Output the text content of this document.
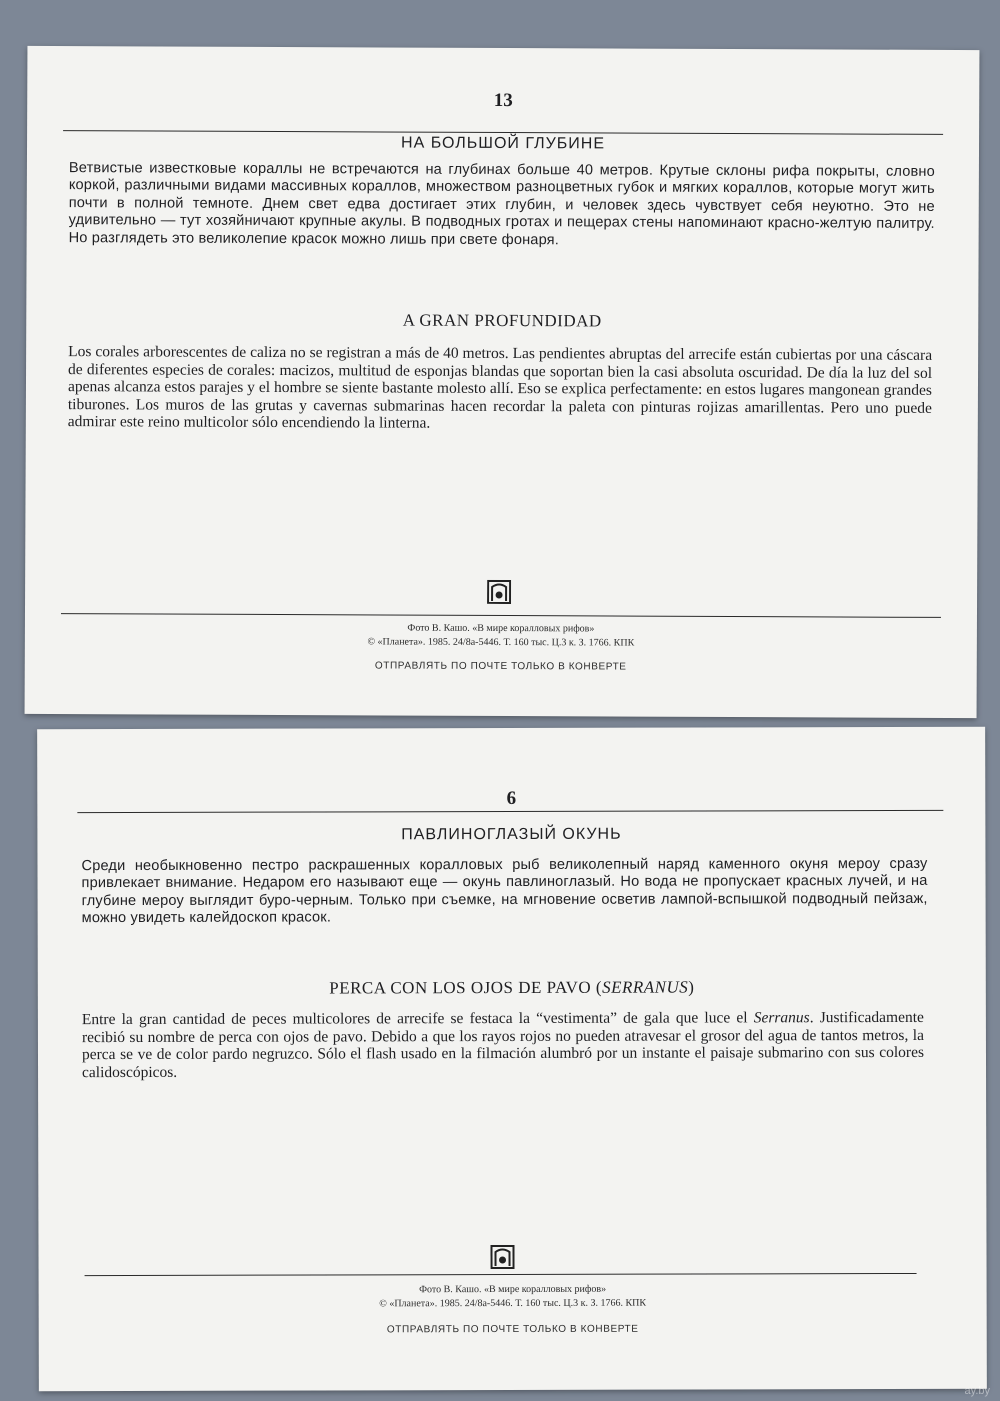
13
НА БОЛЬШОЙ ГЛУБИНЕ
Ветвистые известковые кораллы не встречаются на глубинах больше 40 метров. Крутые склоны рифа покрыты, словно коркой, различными видами массивных кораллов, множеством разноцветных губок и мягких кораллов, которые могут жить почти в полной темноте. Днем свет едва достигает этих глубин, и человек здесь чувствует себя неуютно. Это не удивительно — тут хозяйничают крупные акулы. В подводных гротах и пещерах стены напоминают красно-желтую палитру. Но разглядеть это великолепие красок можно лишь при свете фонаря.
A GRAN PROFUNDIDAD
Los corales arborescentes de caliza no se registran a más de 40 metros. Las pendientes abruptas del arrecife están cubiertas por una cáscara de diferentes especies de corales: macizos, multitud de esponjas blandas que soportan bien la casi absoluta oscuridad. De día la luz del sol apenas alcanza estos parajes y el hombre se siente bastante molesto allí. Eso se explica perfectamente: en estos lugares mangonean grandes tiburones. Los muros de las grutas y cavernas submarinas hacen recordar la paleta con pinturas rojizas amarillentas. Pero uno puede admirar este reino multicolor sólo encendiendo la linterna.
Фото В. Кашо. «В мире коралловых рифов»
© «Планета». 1985. 24/8а-5446. Т. 160 тыс. Ц.3 к. З. 1766. КПК
ОТПРАВЛЯТЬ ПО ПОЧТЕ ТОЛЬКО В КОНВЕРТЕ
6
ПАВЛИНОГЛАЗЫЙ ОКУНЬ
Среди необыкновенно пестро раскрашенных коралловых рыб великолепный наряд каменного окуня мероу сразу привлекает внимание. Недаром его называют еще — окунь павлиноглазый. Но вода не пропускает красных лучей, и на глубине мероу выглядит буро-черным. Только при съемке, на мгновение осветив лампой-вспышкой подводный пейзаж, можно увидеть калейдоскоп красок.
PERCA CON LOS OJOS DE PAVO (SERRANUS)
Entre la gran cantidad de peces multicolores de arrecife se festaca la “vestimenta” de gala que luce el Serranus. Justificadamente recibió su nombre de perca con ojos de pavo. Debido a que los rayos rojos no pueden atravesar el grosor del agua de tantos metros, la perca se ve de color pardo negruzco. Sólo el flash usado en la filmación alumbró por un instante el paisaje submarino con sus colores calidoscópicos.
Фото В. Кашо. «В мире коралловых рифов»
© «Планета». 1985. 24/8а-5446. Т. 160 тыс. Ц.3 к. З. 1766. КПК
ОТПРАВЛЯТЬ ПО ПОЧТЕ ТОЛЬКО В КОНВЕРТЕ
ay.by
